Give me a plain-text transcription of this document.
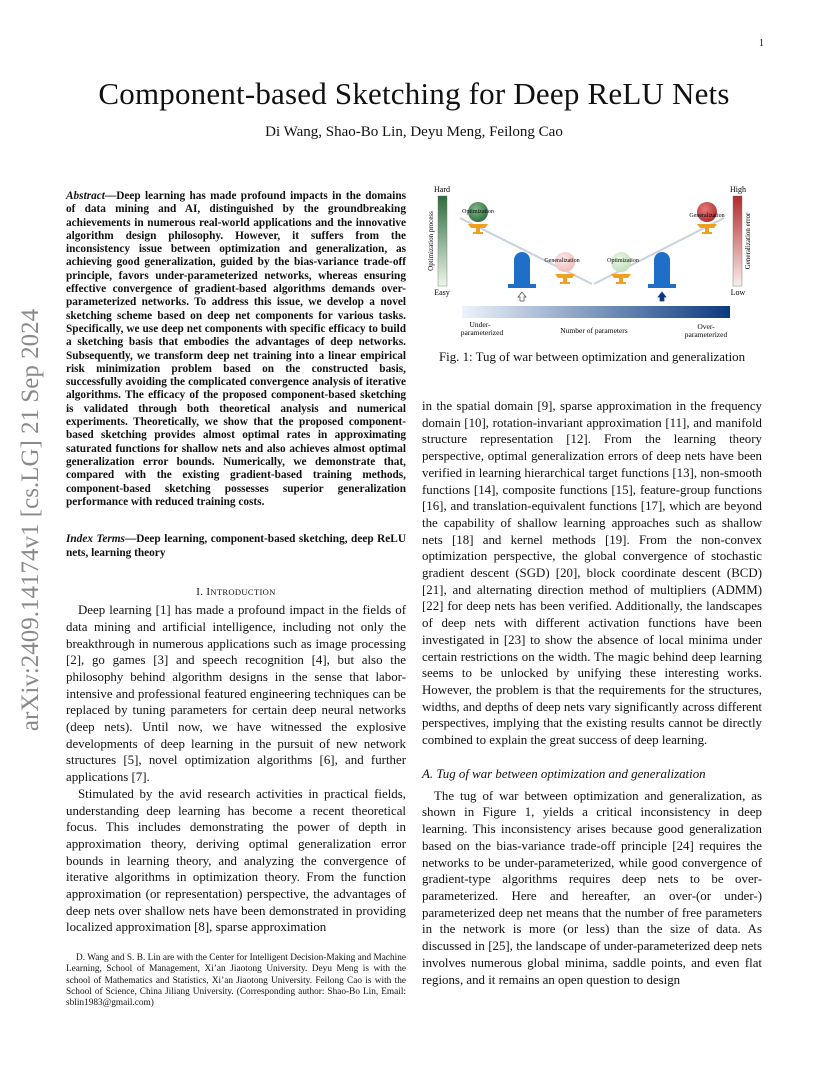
1
Component-based Sketching for Deep ReLU Nets
Di Wang, Shao-Bo Lin, Deyu Meng, Feilong Cao
arXiv:2409.14174v1 [cs.LG] 21 Sep 2024

Abstract—Deep learning has made profound impacts in the domains of data mining and AI, distinguished by the groundbreaking achievements in numerous real-world applications and the innovative algorithm design philosophy. However, it suffers from the inconsistency issue between optimization and generalization, as achieving good generalization, guided by the bias-variance trade-off principle, favors under-parameterized networks, whereas ensuring effective convergence of gradient-based algorithms demands over-parameterized networks. To address this issue, we develop a novel sketching scheme based on deep net components for various tasks. Specifically, we use deep net components with specific efficacy to build a sketching basis that embodies the advantages of deep networks. Subsequently, we transform deep net training into a linear empirical risk minimization problem based on the constructed basis, successfully avoiding the complicated convergence analysis of iterative algorithms. The efficacy of the proposed component-based sketching is validated through both theoretical analysis and numerical experiments. Theoretically, we show that the proposed component-based sketching provides almost optimal rates in approximating saturated functions for shallow nets and also achieves almost optimal generalization error bounds. Numerically, we demonstrate that, compared with the existing gradient-based training methods, component-based sketching possesses superior generalization performance with reduced training costs.

Index Terms—Deep learning, component-based sketching, deep ReLU nets, learning theory

I. INTRODUCTION

Deep learning [1] has made a profound impact in the fields of data mining and artificial intelligence, including not only the breakthrough in numerous applications such as image processing [2], go games [3] and speech recognition [4], but also the philosophy behind algorithm designs in the sense that labor-intensive and professional featured engineering techniques can be replaced by tuning parameters for certain deep neural networks (deep nets). Until now, we have witnessed the explosive developments of deep learning in the pursuit of new network structures [5], novel optimization algorithms [6], and further applications [7].

Stimulated by the avid research activities in practical fields, understanding deep learning has become a recent theoretical focus. This includes demonstrating the power of depth in approximation theory, deriving optimal generalization error bounds in learning theory, and analyzing the convergence of iterative algorithms in optimization theory. From the function approximation (or representation) perspective, the advantages of deep nets over shallow nets have been demonstrated in providing localized approximation [8], sparse approximation

D. Wang and S. B. Lin are with the Center for Intelligent Decision-Making and Machine Learning, School of Management, Xi’an Jiaotong University. Deyu Meng is with the school of Mathematics and Statistics, Xi’an Jiaotong University. Feilong Cao is with the School of Science, China Jiliang University. (Corresponding author: Shao-Bo Lin, Email: sblin1983@gmail.com)
Hard
Easy
Optimization process
High
Low
Generalization error
Optimization
Generalization	Optimization
Generalization
Under-
parameterized	Number of parameters	Over-
parameterized
Fig. 1: Tug of war between optimization and generalization

in the spatial domain [9], sparse approximation in the frequency domain [10], rotation-invariant approximation [11], and manifold structure representation [12]. From the learning theory perspective, optimal generalization errors of deep nets have been verified in learning hierarchical target functions [13], non-smooth functions [14], composite functions [15], feature-group functions [16], and translation-equivalent functions [17], which are beyond the capability of shallow learning approaches such as shallow nets [18] and kernel methods [19]. From the non-convex optimization perspective, the global convergence of stochastic gradient descent (SGD) [20], block coordinate descent (BCD) [21], and alternating direction method of multipliers (ADMM) [22] for deep nets has been verified. Additionally, the landscapes of deep nets with different activation functions have been investigated in [23] to show the absence of local minima under certain restrictions on the width. The magic behind deep learning seems to be unlocked by unifying these interesting works. However, the problem is that the requirements for the structures, widths, and depths of deep nets vary significantly across different perspectives, implying that the existing results cannot be directly combined to explain the great success of deep learning.

A. Tug of war between optimization and generalization

The tug of war between optimization and generalization, as shown in Figure 1, yields a critical inconsistency in deep learning. This inconsistency arises because good generalization based on the bias-variance trade-off principle [24] requires the networks to be under-parameterized, while good convergence of gradient-type algorithms requires deep nets to be over-parameterized. Here and hereafter, an over-(or under-) parameterized deep net means that the number of free parameters in the network is more (or less) than the size of data. As discussed in [25], the landscape of under-parameterized deep nets involves numerous global minima, saddle points, and even flat regions, and it remains an open question to design
